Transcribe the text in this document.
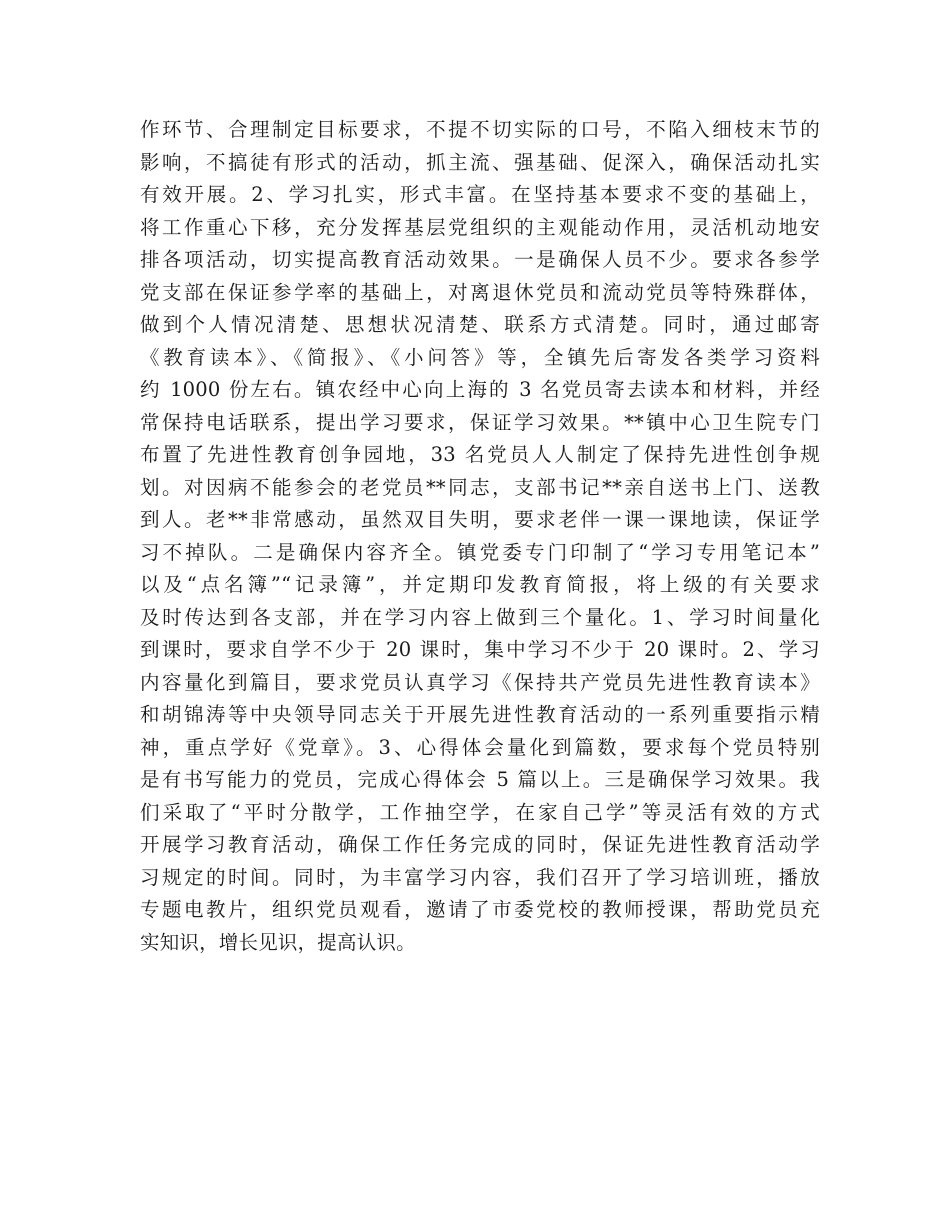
作环节、合理制定目标要求，不提不切实际的口号，不陷入细枝末节的
影响，不搞徒有形式的活动，抓主流、强基础、促深入，确保活动扎实
有效开展。2、学习扎实，形式丰富。在坚持基本要求不变的基础上，
将工作重心下移，充分发挥基层党组织的主观能动作用，灵活机动地安
排各项活动，切实提高教育活动效果。一是确保人员不少。要求各参学
党支部在保证参学率的基础上，对离退休党员和流动党员等特殊群体，
做到个人情况清楚、思想状况清楚、联系方式清楚。同时，通过邮寄
《教育读本》、《简报》、《小问答》等，全镇先后寄发各类学习资料
约 1000 份左右。镇农经中心向上海的 3 名党员寄去读本和材料，并经
常保持电话联系，提出学习要求，保证学习效果。**镇中心卫生院专门
布置了先进性教育创争园地，33 名党员人人制定了保持先进性创争规
划。对因病不能参会的老党员**同志，支部书记**亲自送书上门、送教
到人。老**非常感动，虽然双目失明，要求老伴一课一课地读，保证学
习不掉队。二是确保内容齐全。镇党委专门印制了“学习专用笔记本”
以及“点名簿”“记录簿”，并定期印发教育简报，将上级的有关要求
及时传达到各支部，并在学习内容上做到三个量化。1、学习时间量化
到课时，要求自学不少于 20 课时，集中学习不少于 20 课时。2、学习
内容量化到篇目，要求党员认真学习《保持共产党员先进性教育读本》
和胡锦涛等中央领导同志关于开展先进性教育活动的一系列重要指示精
神，重点学好《党章》。3、心得体会量化到篇数，要求每个党员特别
是有书写能力的党员，完成心得体会 5 篇以上。三是确保学习效果。我
们采取了“平时分散学，工作抽空学，在家自己学”等灵活有效的方式
开展学习教育活动，确保工作任务完成的同时，保证先进性教育活动学
习规定的时间。同时，为丰富学习内容，我们召开了学习培训班，播放
专题电教片，组织党员观看，邀请了市委党校的教师授课，帮助党员充
实知识，增长见识，提高认识。
